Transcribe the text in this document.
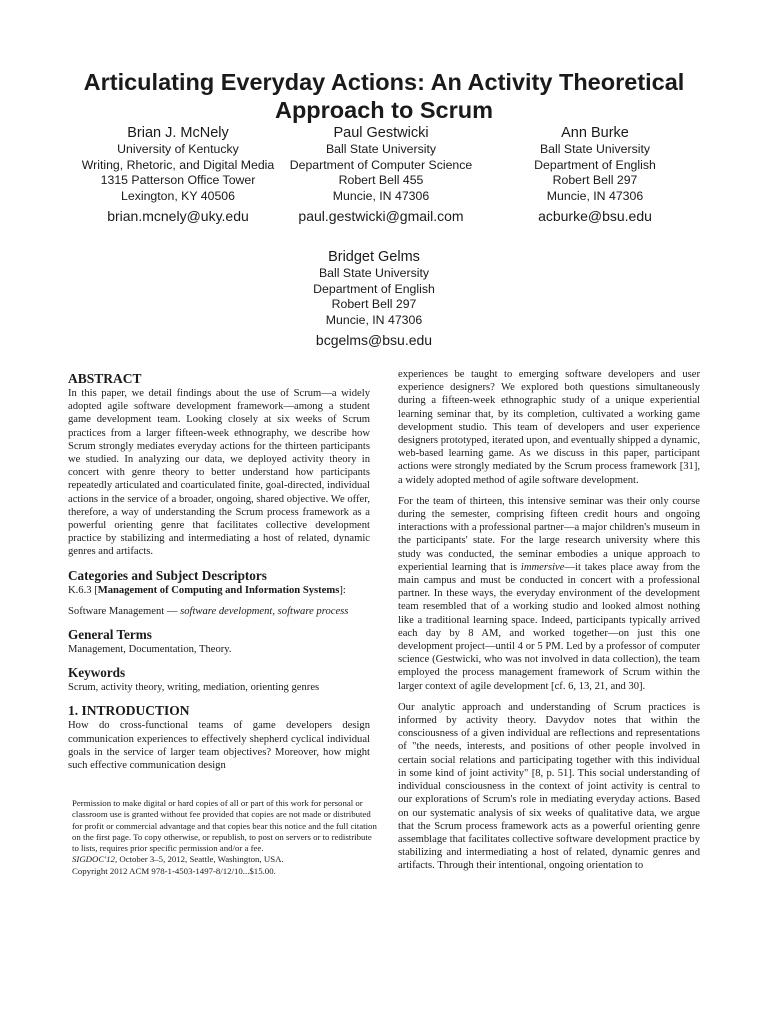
Articulating Everyday Actions: An Activity Theoretical Approach to Scrum
Brian J. McNely
University of Kentucky
Writing, Rhetoric, and Digital Media
1315 Patterson Office Tower
Lexington, KY 40506
brian.mcnely@uky.edu
Paul Gestwicki
Ball State University
Department of Computer Science
Robert Bell 455
Muncie, IN 47306
paul.gestwicki@gmail.com
Ann Burke
Ball State University
Department of English
Robert Bell 297
Muncie, IN 47306
acburke@bsu.edu
Bridget Gelms
Ball State University
Department of English
Robert Bell 297
Muncie, IN 47306
bcgelms@bsu.edu
ABSTRACT

In this paper, we detail findings about the use of Scrum—a widely adopted agile software development framework—among a student game development team. Looking closely at six weeks of Scrum practices from a larger fifteen-week ethnography, we describe how Scrum strongly mediates everyday actions for the thirteen participants we studied. In analyzing our data, we deployed activity theory in concert with genre theory to better understand how participants repeatedly articulated and coarticulated finite, goal-directed, individual actions in the service of a broader, ongoing, shared objective. We offer, therefore, a way of understanding the Scrum process framework as a powerful orienting genre that facilitates collective development practice by stabilizing and intermediating a host of related, dynamic genres and artifacts.

Categories and Subject Descriptors

K.6.3 [Management of Computing and Information Systems]:

Software Management — software development, software process

General Terms

Management, Documentation, Theory.

Keywords

Scrum, activity theory, writing, mediation, orienting genres

1. INTRODUCTION

How do cross-functional teams of game developers design communication experiences to effectively shepherd cyclical individual goals in the service of larger team objectives? Moreover, how might such effective communication design

Permission to make digital or hard copies of all or part of this work for personal or classroom use is granted without fee provided that copies are not made or distributed for profit or commercial advantage and that copies bear this notice and the full citation on the first page. To copy otherwise, or republish, to post on servers or to redistribute to lists, requires prior specific permission and/or a fee.

SIGDOC'12, October 3–5, 2012, Seattle, Washington, USA.

Copyright 2012 ACM 978-1-4503-1497-8/12/10...$15.00.

experiences be taught to emerging software developers and user experience designers? We explored both questions simultaneously during a fifteen-week ethnographic study of a unique experiential learning seminar that, by its completion, cultivated a working game development studio. This team of developers and user experience designers prototyped, iterated upon, and eventually shipped a dynamic, web-based learning game. As we discuss in this paper, participant actions were strongly mediated by the Scrum process framework [31], a widely adopted method of agile software development.

For the team of thirteen, this intensive seminar was their only course during the semester, comprising fifteen credit hours and ongoing interactions with a professional partner—a major children's museum in the participants' state. For the large research university where this study was conducted, the seminar embodies a unique approach to experiential learning that is immersive—it takes place away from the main campus and must be conducted in concert with a professional partner. In these ways, the everyday environment of the development team resembled that of a working studio and looked almost nothing like a traditional learning space. Indeed, participants typically arrived each day by 8 AM, and worked together—on just this one development project—until 4 or 5 PM. Led by a professor of computer science (Gestwicki, who was not involved in data collection), the team employed the process management framework of Scrum within the larger context of agile development [cf. 6, 13, 21, and 30].

Our analytic approach and understanding of Scrum practices is informed by activity theory. Davydov notes that within the consciousness of a given individual are reflections and representations of "the needs, interests, and positions of other people involved in certain social relations and participating together with this individual in some kind of joint activity" [8, p. 51]. This social understanding of individual consciousness in the context of joint activity is central to our explorations of Scrum's role in mediating everyday actions. Based on our systematic analysis of six weeks of qualitative data, we argue that the Scrum process framework acts as a powerful orienting genre assemblage that facilitates collective software development practice by stabilizing and intermediating a host of related, dynamic genres and artifacts. Through their intentional, ongoing orientation to
